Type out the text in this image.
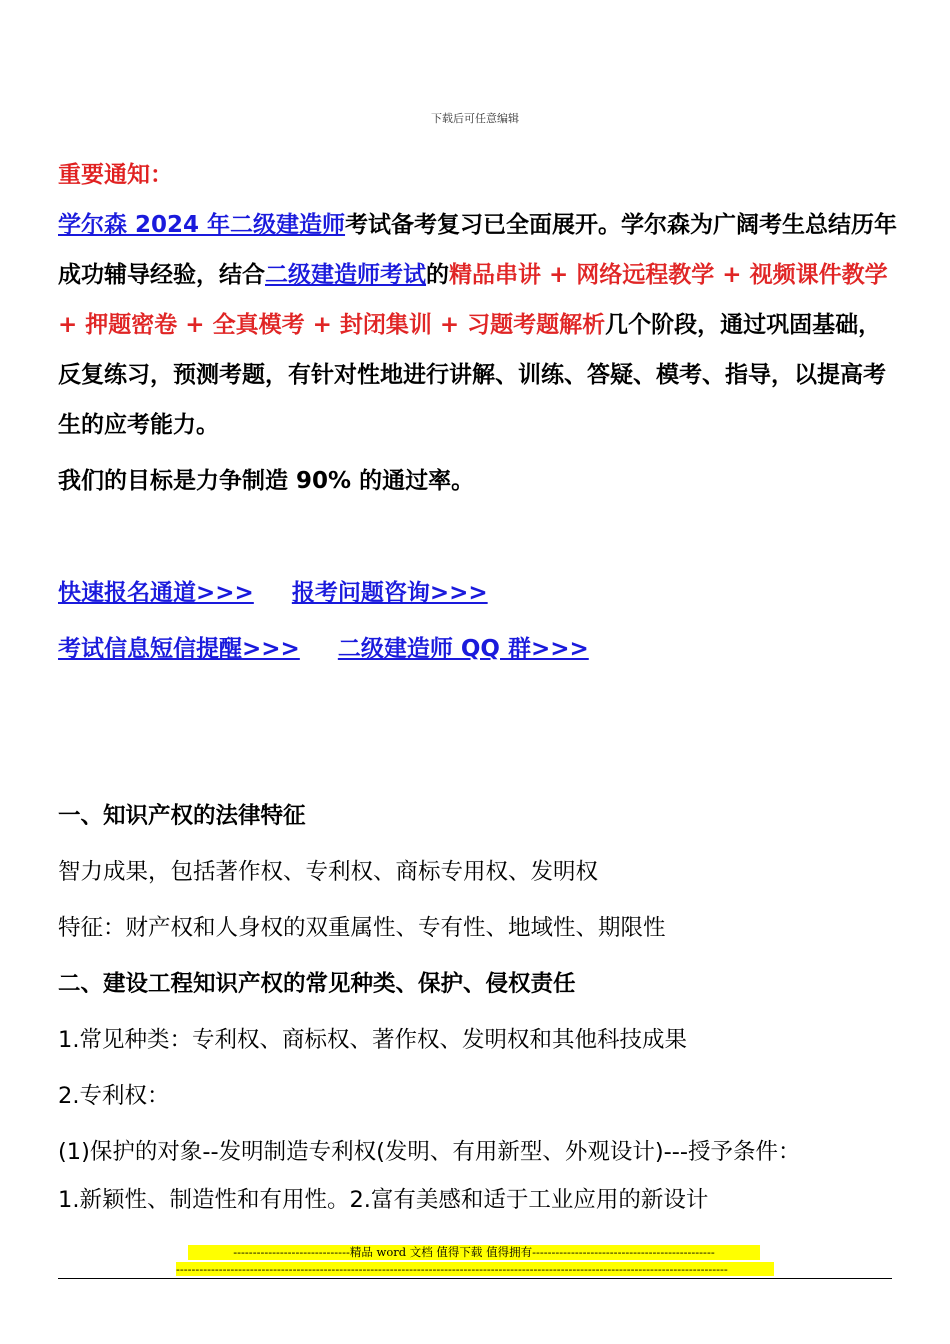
下载后可任意编辑
重要通知：
学尔森 2024 年二级建造师考试备考复习已全面展开。学尔森为广阔考生总结历年成功辅导经验，结合二级建造师考试的精品串讲 + 网络远程教学 + 视频课件教学 + 押题密卷 + 全真模考 + 封闭集训 + 习题考题解析几个阶段，通过巩固基础，反复练习，预测考题，有针对性地进行讲解、训练、答疑、模考、指导，以提高考生的应考能力。
我们的目标是力争制造 90% 的通过率。
快速报名通道>>> 报考问题咨询>>>
考试信息短信提醒>>> 二级建造师 QQ 群>>>
一、知识产权的法律特征
智力成果，包括著作权、专利权、商标专用权、发明权
特征：财产权和人身权的双重属性、专有性、地域性、期限性
二、建设工程知识产权的常见种类、保护、侵权责任
1.常见种类：专利权、商标权、著作权、发明权和其他科技成果
2.专利权：
(1)保护的对象--发明制造专利权(发明、有用新型、外观设计)---授予条件：
1.新颖性、制造性和有用性。2.富有美感和适于工业应用的新设计
------------------------------精品 word 文档 值得下载 值得拥有-----------------------------------------------
----------------------------------------------------------------------------------------------------------------------------------------------
